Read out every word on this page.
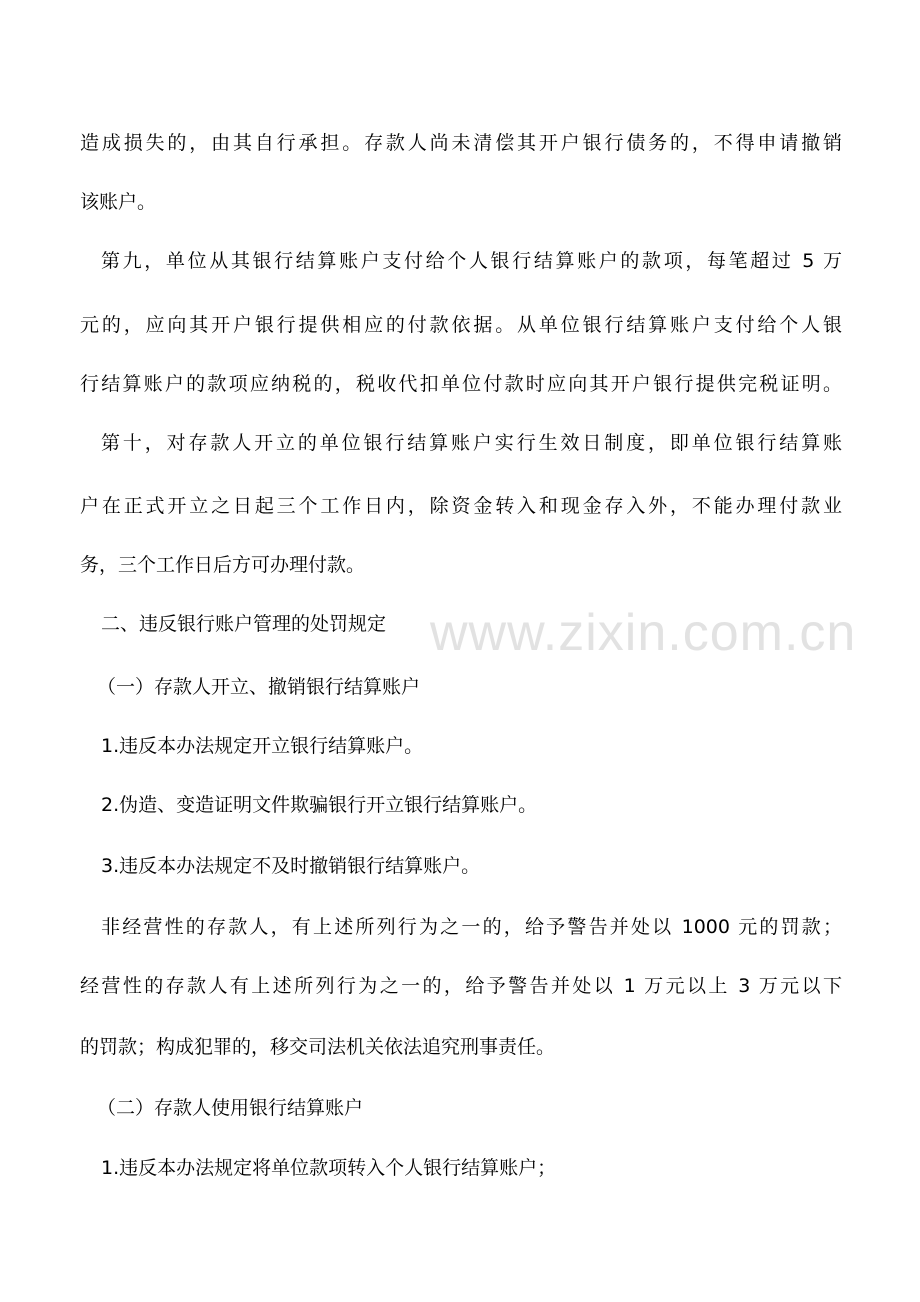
www.zixin.com.cn
造成损失的，由其自行承担。存款人尚未清偿其开户银行债务的，不得申请撤销
该账户。
第九，单位从其银行结算账户支付给个人银行结算账户的款项，每笔超过 5 万
元的，应向其开户银行提供相应的付款依据。从单位银行结算账户支付给个人银
行结算账户的款项应纳税的，税收代扣单位付款时应向其开户银行提供完税证明。
第十，对存款人开立的单位银行结算账户实行生效日制度，即单位银行结算账
户在正式开立之日起三个工作日内，除资金转入和现金存入外，不能办理付款业
务，三个工作日后方可办理付款。
二、违反银行账户管理的处罚规定
（一）存款人开立、撤销银行结算账户
1.违反本办法规定开立银行结算账户。
2.伪造、变造证明文件欺骗银行开立银行结算账户。
3.违反本办法规定不及时撤销银行结算账户。
非经营性的存款人，有上述所列行为之一的，给予警告并处以 1000 元的罚款；
经营性的存款人有上述所列行为之一的，给予警告并处以 1 万元以上 3 万元以下
的罚款；构成犯罪的，移交司法机关依法追究刑事责任。
（二）存款人使用银行结算账户
1.违反本办法规定将单位款项转入个人银行结算账户；
